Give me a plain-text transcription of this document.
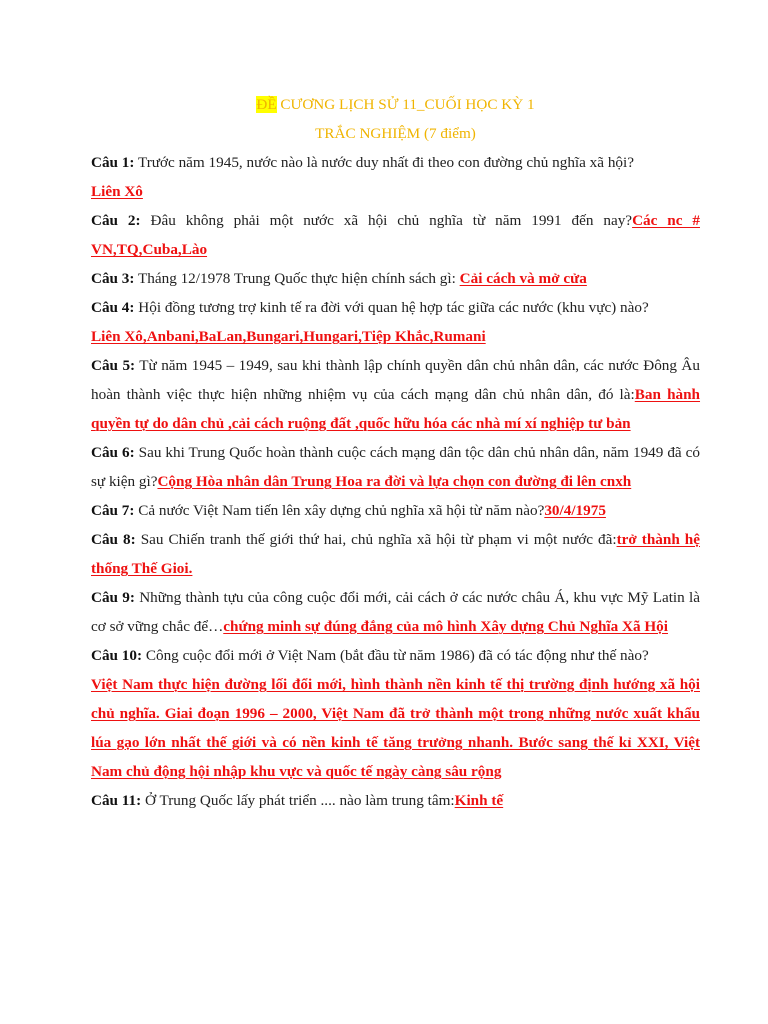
ĐỀ CƯƠNG LỊCH SỬ 11_CUỐI HỌC KỲ 1
TRẮC NGHIỆM (7 điểm)

Câu 1: Trước năm 1945, nước nào là nước duy nhất đi theo con đường chủ nghĩa xã hội?
Liên Xô

Câu 2: Đâu không phải một nước xã hội chủ nghĩa từ năm 1991 đến nay?Các nc # VN,TQ,Cuba,Lào

Câu 3: Tháng 12/1978 Trung Quốc thực hiện chính sách gì: Cải cách và mở cửa

Câu 4: Hội đồng tương trợ kinh tế ra đời với quan hệ hợp tác giữa các nước (khu vực) nào?
Liên Xô,Anbani,BaLan,Bungari,Hungari,Tiệp Khắc,Rumani

Câu 5: Từ năm 1945 – 1949, sau khi thành lập chính quyền dân chủ nhân dân, các nước Đông Âu hoàn thành việc thực hiện những nhiệm vụ của cách mạng dân chủ nhân dân, đó là:Ban hành quyền tự do dân chủ ,cải cách ruộng đất ,quốc hữu hóa các nhà mí xí nghiệp tư bản

Câu 6: Sau khi Trung Quốc hoàn thành cuộc cách mạng dân tộc dân chủ nhân dân, năm 1949 đã có sự kiện gì?Cộng Hòa nhân dân Trung Hoa ra đời và lựa chọn con đường đi lên cnxh

Câu 7: Cả nước Việt Nam tiến lên xây dựng chủ nghĩa xã hội từ năm nào?30/4/1975

Câu 8: Sau Chiến tranh thế giới thứ hai, chủ nghĩa xã hội từ phạm vi một nước đã:trở thành hệ thống Thế Gioi.

Câu 9: Những thành tựu của công cuộc đổi mới, cải cách ở các nước châu Á, khu vực Mỹ Latin là cơ sở vững chắc để…chứng minh sự đúng đắng của mô hình Xây dựng Chủ Nghĩa Xã Hội

Câu 10: Công cuộc đổi mới ở Việt Nam (bắt đầu từ năm 1986) đã có tác động như thế nào?
Việt Nam thực hiện đường lối đổi mới, hình thành nền kinh tế thị trường định hướng xã hội chủ nghĩa. Giai đoạn 1996 – 2000, Việt Nam đã trở thành một trong những nước xuất khẩu lúa gạo lớn nhất thế giới và có nền kinh tế tăng trưởng nhanh. Bước sang thế kỉ XXI, Việt Nam chủ động hội nhập khu vực và quốc tế ngày càng sâu rộng

Câu 11: Ở Trung Quốc lấy phát triển .... nào làm trung tâm:Kinh tế
